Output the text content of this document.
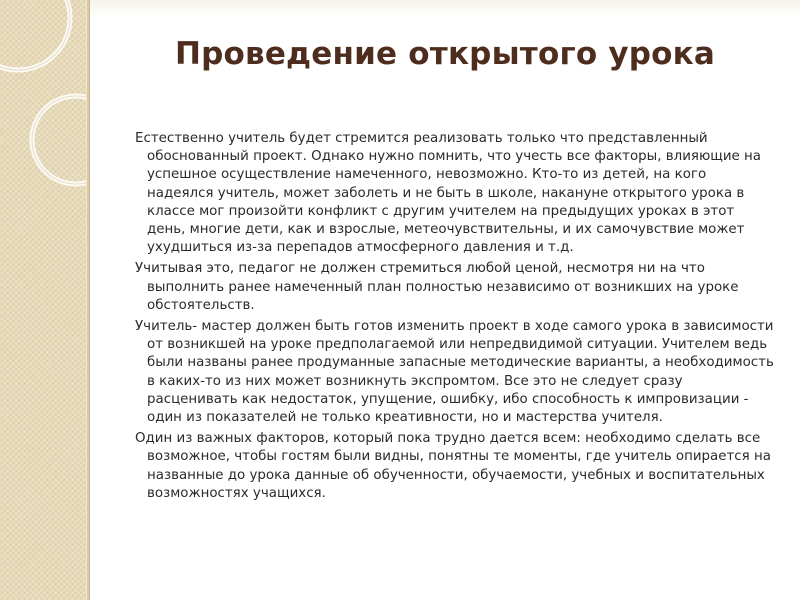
Проведение открытого урока

Естественно учитель будет стремится реализовать только что представленный обоснованный проект. Однако нужно помнить, что учесть все факторы, влияющие на успешное осуществление намеченного, невозможно. Кто-то из детей, на кого надеялся учитель, может заболеть и не быть в школе, накануне открытого урока в классе мог произойти конфликт с другим учителем на предыдущих уроках в этот день, многие дети, как и взрослые, метеочувствительны, и их самочувствие может ухудшиться из-за перепадов атмосферного давления и т.д.

Учитывая это, педагог не должен стремиться любой ценой, несмотря ни на что выполнить ранее намеченный план полностью независимо от возникших на уроке обстоятельств.

Учитель- мастер должен быть готов изменить проект в ходе самого урока в зависимости от возникшей на уроке предполагаемой или непредвидимой ситуации. Учителем ведь были названы ранее продуманные запасные методические варианты, а необходимость в каких-то из них может возникнуть экспромтом. Все это не следует сразу расценивать как недостаток, упущение, ошибку, ибо способность к импровизации - один из показателей не только креативности, но и мастерства учителя.

Один из важных факторов, который пока трудно дается всем: необходимо сделать все возможное, чтобы гостям были видны, понятны те моменты, где учитель опирается на названные до урока данные об обученности, обучаемости, учебных и воспитательных возможностях учащихся.
